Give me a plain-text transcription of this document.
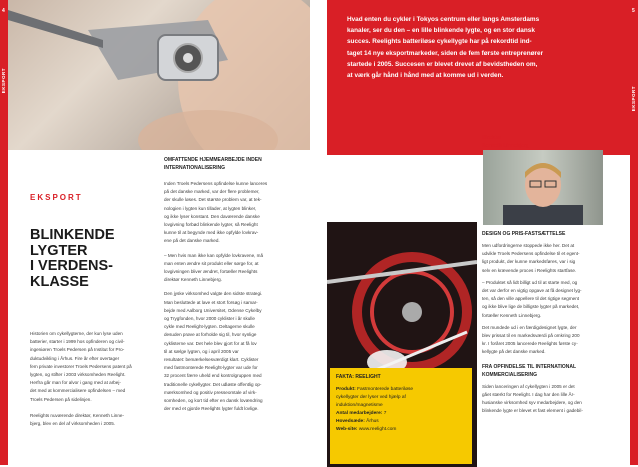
4
EKSPORT
EKSPORT
BLINKENDE
LYGTER
I VERDENS-
KLASSE
Historien om cykellygterne, der kun lyse uden
batterier, starter i 1999 hos opfinderen og civil-
ingeniøren Troels Pedersen på Institut for Pro-
duktudvikling i Århus. Fire år efter overtager
fem private investorer Troels Pedersens patent på
lygten, og stifter i 2003 virksomheden Reelight.
Herfra går man for alvor i gang med at arbej-
det med at kommercialisere opfindelsen – med
Troels Pedersen på sidelinjen.
Reelights nuværende direktør, Kenneth Linne-
bjerg, blev en del af virksomheden i 2005.
OMFATTENDE HJEMMEARBEJDE INDEN
INTERNATIONALISERING
Inden Troels Pedersens opfindelse kunne lanceres
på det danske marked, var der flere problemer,
der skulle løses. Det største problem var, at tek-
nologien i lygten kun tillader, at lygten blinker,
og ikke lyser konstant. Den daværende danske
lovgivning forbød blinkende lygter, så Reelight
kunne til at begynde med ikke opfylde lovkrav-
ene på det danske marked.
– Men hvis man ikke kan opfylde lovkravene, må
man enten ændre sit produkt eller sørge for, at
lovgivningen bliver ændret, fortæller Reelights
direktør Kenneth Linnebjerg.
Den jyske virksomhed valgte den sidste strategi.
Man besluttede at lave et stort forsøg i samar-
bejde med Aalborg Universitet, Odense Cykelby
og Trygfonden, hvor 2000 cyklister i år skulle
cykle med Reelight-lygten. Deltagerne skulle
desuden prøve at forholde sig til, hvor synlige
cyklisterne var. Det hele blev gjort for at få lov
til at sælge lygten, og i april 2005 var
resultatet: bemærkelsesværdigt klart. Cyklister
med fastmonterede Reelight-lygter var ude for
32 procent færre uheld end kontrolgruppen med
traditionelle cykellygter. Det udløste offentlig op-
mærksomhed og positiv presseomtale af virk-
somheden, og kort tid efter en dansk lovændring
der med et gjorde Reelights lygter fuldt lovlige.
Hvad enten du cykler i Tokyos centrum eller langs Amsterdams
kanaler, ser du den – en lille blinkende lygte, og en stor dansk
succes. Reelights batteriløse cykellygte har på rekordtid ind-
taget 14 nye eksportmarkeder, siden de fem første entreprenører
startede i 2005. Succesen er blevet drevet af bevidstheden om,
at værk går hånd i hånd med at komme ud i verden.
5
EKSPORT
Direktør
Kenneth Linnebjerg
FAKTA: REELIGHT
Produkt: Fastmonterede batteriløse
cykellygter der lyser ved hjælp af
induktion/magnetisme
Antal medarbejdere: 7
Hovedsæde: Århus
Web-site: www.reelight.com
DESIGN OG PRIS-FASTSÆTTELSE
Men udfordringerne stoppede ikke her. Det at
udvikle Troels Pedersens opfindelse til et egent-
ligt produkt, der kunne markedsføres, var i sig
selv en krævende proces i Reelights startfase.
– Produktet så lidt billigt ud til at starte med, og
det var derfor en vigtig opgave at få designet lyg-
ten, så den ville appellere til det rigtige segment
og ikke blive lige de billigste lygter på markedet,
fortæller Kenneth Linnebjerg.
Det mundede ud i en færdigdesignet lygte, der
blev prissat til en markedsværdi på omkring 200
kr. I foråret 2005 lancerede Reelights første cy-
kellygte på det danske marked.
FRA OPFINDELSE TIL INTERNATIONAL
KOMMERCIALISERING
Siden lanceringen af cykellygten i 2005 er det
gået stærkt for Reelight. I dag har den lille År-
husianske virksomhed syv medarbejdere, og den
blinkende lygte er blevet et fast element i gadebil-
